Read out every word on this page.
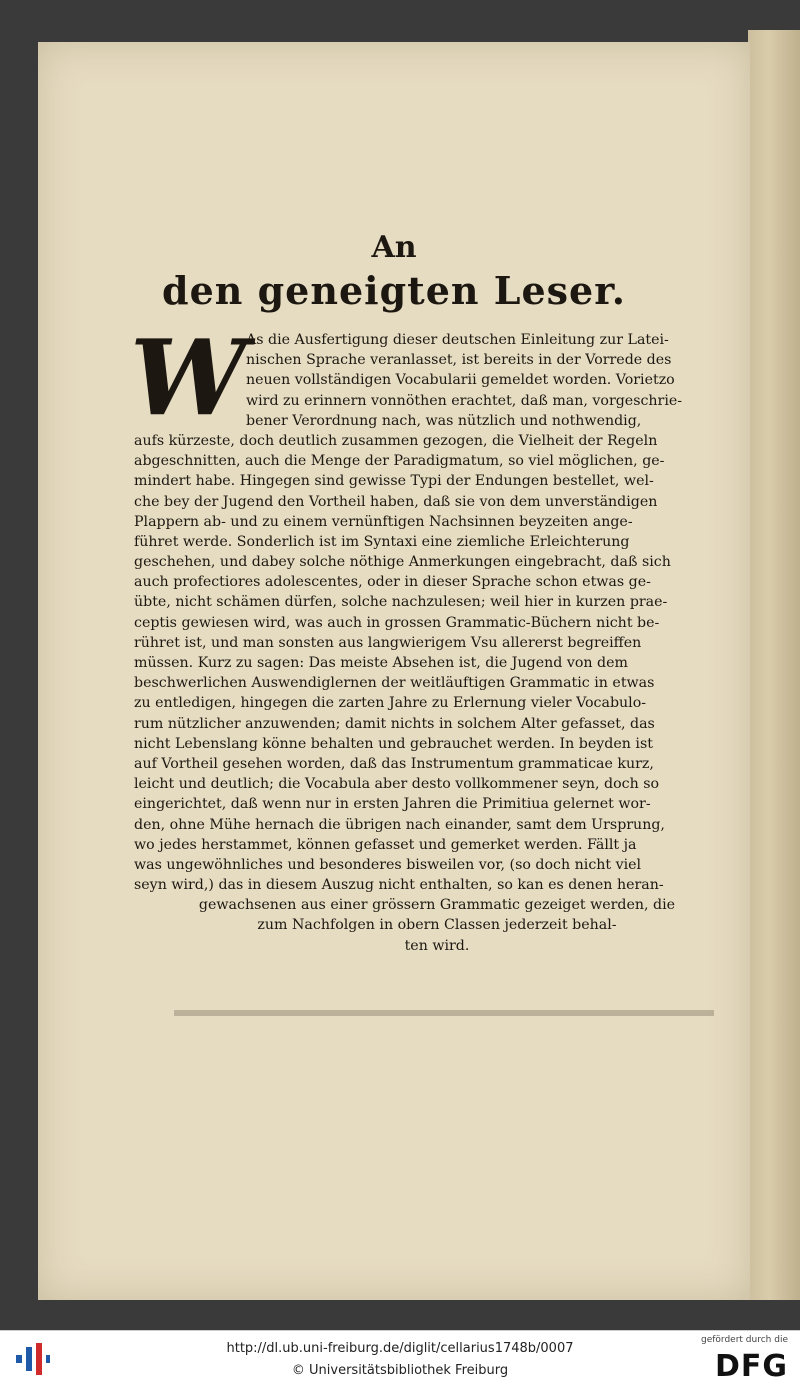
An
den geneigten Leser.
W As die Ausfertigung dieser deutschen Einleitung zur Latei-
nischen Sprache veranlasset, ist bereits in der Vorrede des
neuen vollständigen Vocabularii gemeldet worden. Vorietzo
wird zu erinnern vonnöthen erachtet, daß man, vorgeschrie-
bener Verordnung nach, was nützlich und nothwendig,
aufs kürzeste, doch deutlich zusammen gezogen, die Vielheit der Regeln
abgeschnitten, auch die Menge der Paradigmatum, so viel möglichen, ge-
mindert habe. Hingegen sind gewisse Typi der Endungen bestellet, wel-
che bey der Jugend den Vortheil haben, daß sie von dem unverständigen
Plappern ab- und zu einem vernünftigen Nachsinnen beyzeiten ange-
führet werde. Sonderlich ist im Syntaxi eine ziemliche Erleichterung
geschehen, und dabey solche nöthige Anmerkungen eingebracht, daß sich
auch profectiores adolescentes, oder in dieser Sprache schon etwas ge-
übte, nicht schämen dürfen, solche nachzulesen; weil hier in kurzen prae-
ceptis gewiesen wird, was auch in grossen Grammatic-Büchern nicht be-
rühret ist, und man sonsten aus langwierigem Vsu allererst begreiffen
müssen. Kurz zu sagen: Das meiste Absehen ist, die Jugend von dem
beschwerlichen Auswendiglernen der weitläuftigen Grammatic in etwas
zu entledigen, hingegen die zarten Jahre zu Erlernung vieler Vocabulo-
rum nützlicher anzuwenden; damit nichts in solchem Alter gefasset, das
nicht Lebenslang könne behalten und gebrauchet werden. In beyden ist
auf Vortheil gesehen worden, daß das Instrumentum grammaticae kurz,
leicht und deutlich; die Vocabula aber desto vollkommener seyn, doch so
eingerichtet, daß wenn nur in ersten Jahren die Primitiua gelernet wor-
den, ohne Mühe hernach die übrigen nach einander, samt dem Ursprung,
wo jedes herstammet, können gefasset und gemerket werden. Fällt ja
was ungewöhnliches und besonderes bisweilen vor, (so doch nicht viel
seyn wird,) das in diesem Auszug nicht enthalten, so kan es denen heran-
gewachsenen aus einer grössern Grammatic gezeiget werden, die
zum Nachfolgen in obern Classen jederzeit behal-
ten wird.
http://dl.ub.uni-freiburg.de/diglit/cellarius1748b/0007
© Universitätsbibliothek Freiburg
gefördert durch die
DFG
